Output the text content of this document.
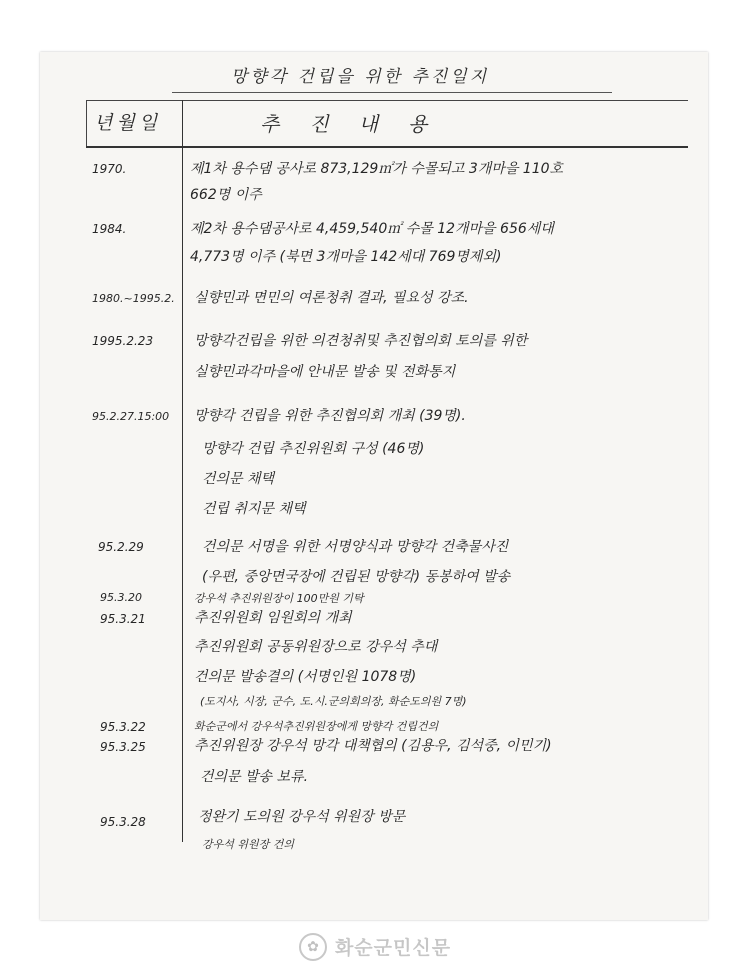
망향각 건립을 위한 추진일지
년월일	추진내용
1970.	제1차 용수댐 공사로 873,129㎡가 수몰되고 3개마을 110호
662명 이주
1984.	제2차 용수댐공사로 4,459,540㎡ 수몰 12개마을 656세대
4,773명 이주 (북면 3개마을 142세대 769명제외)
1980.~1995.2. 실향민과 면민의 여론청취 결과, 필요성 강조.
1995.2.23	망향각건립을 위한 의견청취및 추진협의회 토의를 위한
실향민과각마을에 안내문 발송 및 전화통지
95.2.27.15:00 망향각 건립을 위한 추진협의회 개최 (39명).
망향각 건립 추진위원회 구성 (46명)
건의문 채택
건립 취지문 채택
95.2.29	건의문 서명을 위한 서명양식과 망향각 건축물사진
(우편, 중앙면국장에 건립된 망향각) 동봉하여 발송
95.3.20	강우석 추진위원장이 100만원 기탁
95.3.21	추진위원회 임원회의 개최
추진위원회 공동위원장으로 강우석 추대
건의문 발송결의 (서명인원 1078명)
(도지사, 시장, 군수, 도.시.군의회의장, 화순도의원 7명)
95.3.22	화순군에서 강우석추진위원장에게 망향각 건립건의
95.3.25	추진위원장 강우석 망각 대책협의 (김용우, 김석중, 이민기)
건의문 발송 보류.
95.3.28	정완기 도의원 강우석 위원장 방문
강우석 위원장 건의
✿ 화순군민신문
